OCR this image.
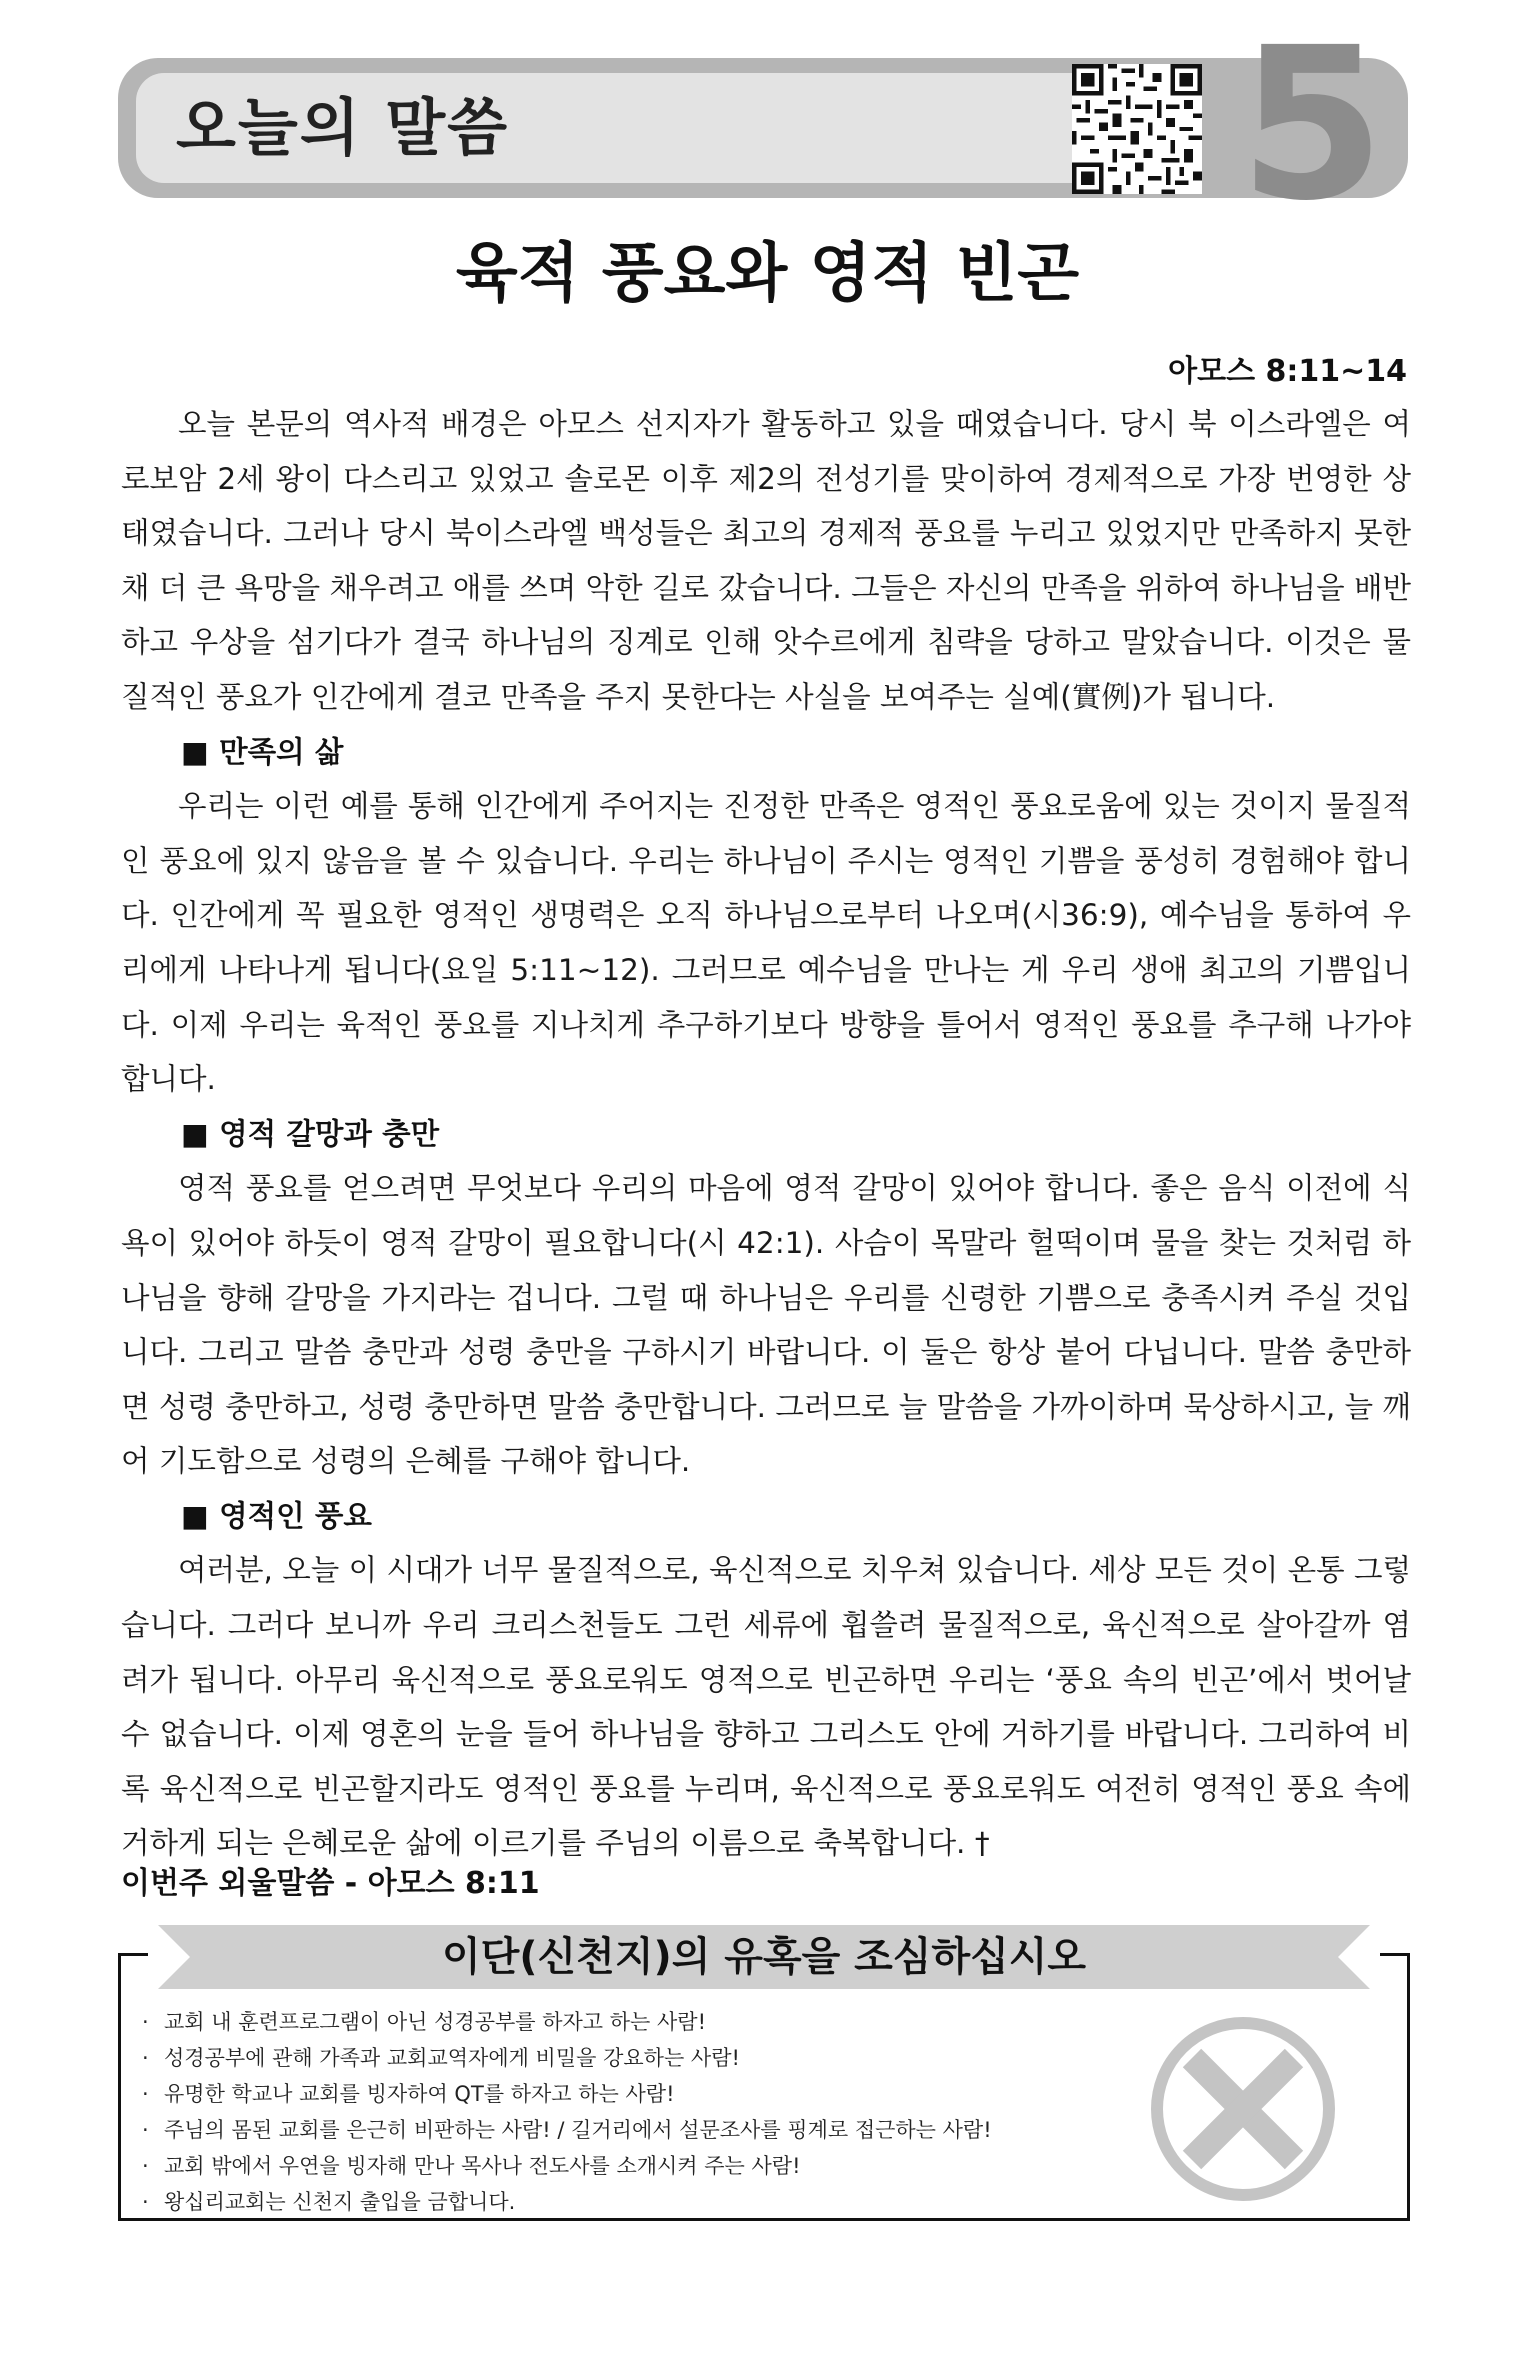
오늘의 말씀	5
육적 풍요와 영적 빈곤
아모스 8:11~14

오늘 본문의 역사적 배경은 아모스 선지자가 활동하고 있을 때였습니다. 당시 북 이스라엘은 여로보암 2세 왕이 다스리고 있었고 솔로몬 이후 제2의 전성기를 맞이하여 경제적으로 가장 번영한 상태였습니다. 그러나 당시 북이스라엘 백성들은 최고의 경제적 풍요를 누리고 있었지만 만족하지 못한 채 더 큰 욕망을 채우려고 애를 쓰며 악한 길로 갔습니다. 그들은 자신의 만족을 위하여 하나님을 배반하고 우상을 섬기다가 결국 하나님의 징계로 인해 앗수르에게 침략을 당하고 말았습니다. 이것은 물질적인 풍요가 인간에게 결코 만족을 주지 못한다는 사실을 보여주는 실예(實例)가 됩니다.

■ 만족의 삶

우리는 이런 예를 통해 인간에게 주어지는 진정한 만족은 영적인 풍요로움에 있는 것이지 물질적인 풍요에 있지 않음을 볼 수 있습니다. 우리는 하나님이 주시는 영적인 기쁨을 풍성히 경험해야 합니다. 인간에게 꼭 필요한 영적인 생명력은 오직 하나님으로부터 나오며(시36:9), 예수님을 통하여 우리에게 나타나게 됩니다(요일 5:11~12). 그러므로 예수님을 만나는 게 우리 생애 최고의 기쁨입니다. 이제 우리는 육적인 풍요를 지나치게 추구하기보다 방향을 틀어서 영적인 풍요를 추구해 나가야 합니다.

■ 영적 갈망과 충만

영적 풍요를 얻으려면 무엇보다 우리의 마음에 영적 갈망이 있어야 합니다. 좋은 음식 이전에 식욕이 있어야 하듯이 영적 갈망이 필요합니다(시 42:1). 사슴이 목말라 헐떡이며 물을 찾는 것처럼 하나님을 향해 갈망을 가지라는 겁니다. 그럴 때 하나님은 우리를 신령한 기쁨으로 충족시켜 주실 것입니다. 그리고 말씀 충만과 성령 충만을 구하시기 바랍니다. 이 둘은 항상 붙어 다닙니다. 말씀 충만하면 성령 충만하고, 성령 충만하면 말씀 충만합니다. 그러므로 늘 말씀을 가까이하며 묵상하시고, 늘 깨어 기도함으로 성령의 은혜를 구해야 합니다.

■ 영적인 풍요

여러분, 오늘 이 시대가 너무 물질적으로, 육신적으로 치우쳐 있습니다. 세상 모든 것이 온통 그렇습니다. 그러다 보니까 우리 크리스천들도 그런 세류에 휩쓸려 물질적으로, 육신적으로 살아갈까 염려가 됩니다. 아무리 육신적으로 풍요로워도 영적으로 빈곤하면 우리는 ‘풍요 속의 빈곤’에서 벗어날 수 없습니다. 이제 영혼의 눈을 들어 하나님을 향하고 그리스도 안에 거하기를 바랍니다. 그리하여 비록 육신적으로 빈곤할지라도 영적인 풍요를 누리며, 육신적으로 풍요로워도 여전히 영적인 풍요 속에 거하게 되는 은혜로운 삶에 이르기를 주님의 이름으로 축복합니다. †

이번주 외울말씀 - 아모스 8:11
이단(신천지)의 유혹을 조심하십시오
· 교회 내 훈련프로그램이 아닌 성경공부를 하자고 하는 사람!
· 성경공부에 관해 가족과 교회교역자에게 비밀을 강요하는 사람!
· 유명한 학교나 교회를 빙자하여 QT를 하자고 하는 사람!
· 주님의 몸된 교회를 은근히 비판하는 사람! / 길거리에서 설문조사를 핑계로 접근하는 사람!
· 교회 밖에서 우연을 빙자해 만나 목사나 전도사를 소개시켜 주는 사람!
· 왕십리교회는 신천지 출입을 금합니다.
